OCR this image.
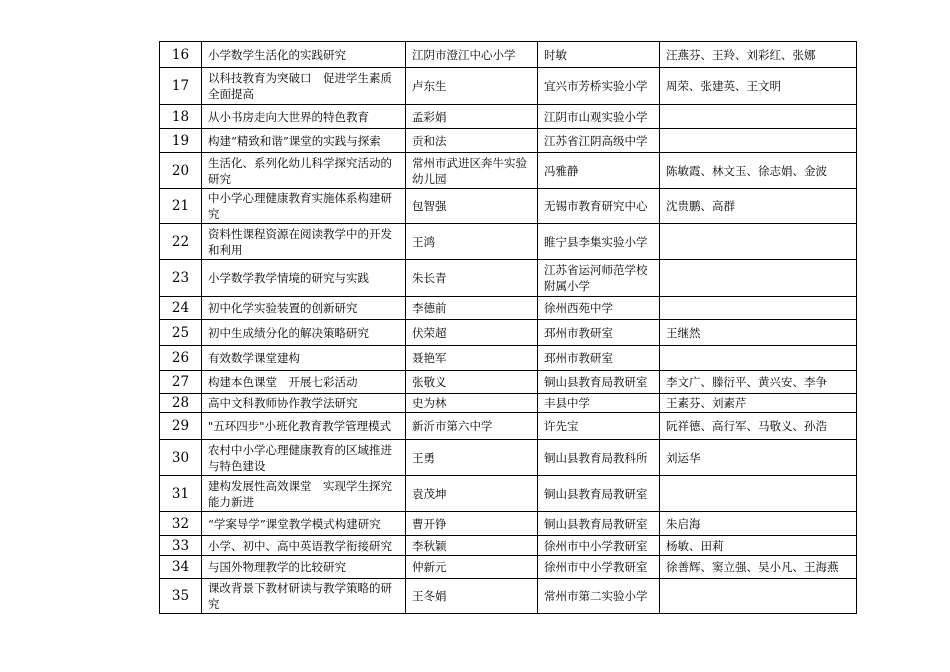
16	小学数学生活化的实践研究	江阴市澄江中心小学	时敏	汪燕芬、王羚、刘彩红、张娜
17	以科技教育为突破口　促进学生素质全面提高	卢东生	宜兴市芳桥实验小学	周荣、张建英、王文明
18	从小书房走向大世界的特色教育	孟彩娟	江阴市山观实验小学	
19	构建“精致和谐”课堂的实践与探索	贡和法	江苏省江阴高级中学	
20	生活化、系列化幼儿科学探究活动的研究	常州市武进区奔牛实验幼儿园	冯雅静	陈敏霞、林文玉、徐志娟、金波
21	中小学心理健康教育实施体系构建研究	包智强	无锡市教育研究中心	沈贵鹏、高群
22	资料性课程资源在阅读教学中的开发和利用	王鸿	睢宁县李集实验小学	
23	小学数学教学情境的研究与实践	朱长青	江苏省运河师范学校附属小学	
24	初中化学实验装置的创新研究	李德前	徐州西苑中学	
25	初中生成绩分化的解决策略研究	伏荣超	邳州市教研室	王继然
26	有效数学课堂建构	聂艳军	邳州市教研室	
27	构建本色课堂　开展七彩活动	张敬义	铜山县教育局教研室	李文广、滕衍平、黄兴安、李争
28	高中文科教师协作教学法研究	史为林	丰县中学	王素芬、刘素芹
29	"五环四步"小班化教育教学管理模式	新沂市第六中学	许先宝	阮祥德、高行军、马敬义、孙浩
30	农村中小学心理健康教育的区域推进与特色建设	王勇	铜山县教育局教科所	刘运华
31	建构发展性高效课堂　实现学生探究能力新进	袁茂坤	铜山县教育局教研室	
32	“学案导学”课堂教学模式构建研究	曹开铮	铜山县教育局教研室	朱启海
33	小学、初中、高中英语教学衔接研究	李秋颖	徐州市中小学教研室	杨敏、田莉
34	与国外物理教学的比较研究	仲新元	徐州市中小学教研室	徐善辉、窦立强、吴小凡、王海燕
35	课改背景下教材研读与教学策略的研究	王冬娟	常州市第二实验小学	
